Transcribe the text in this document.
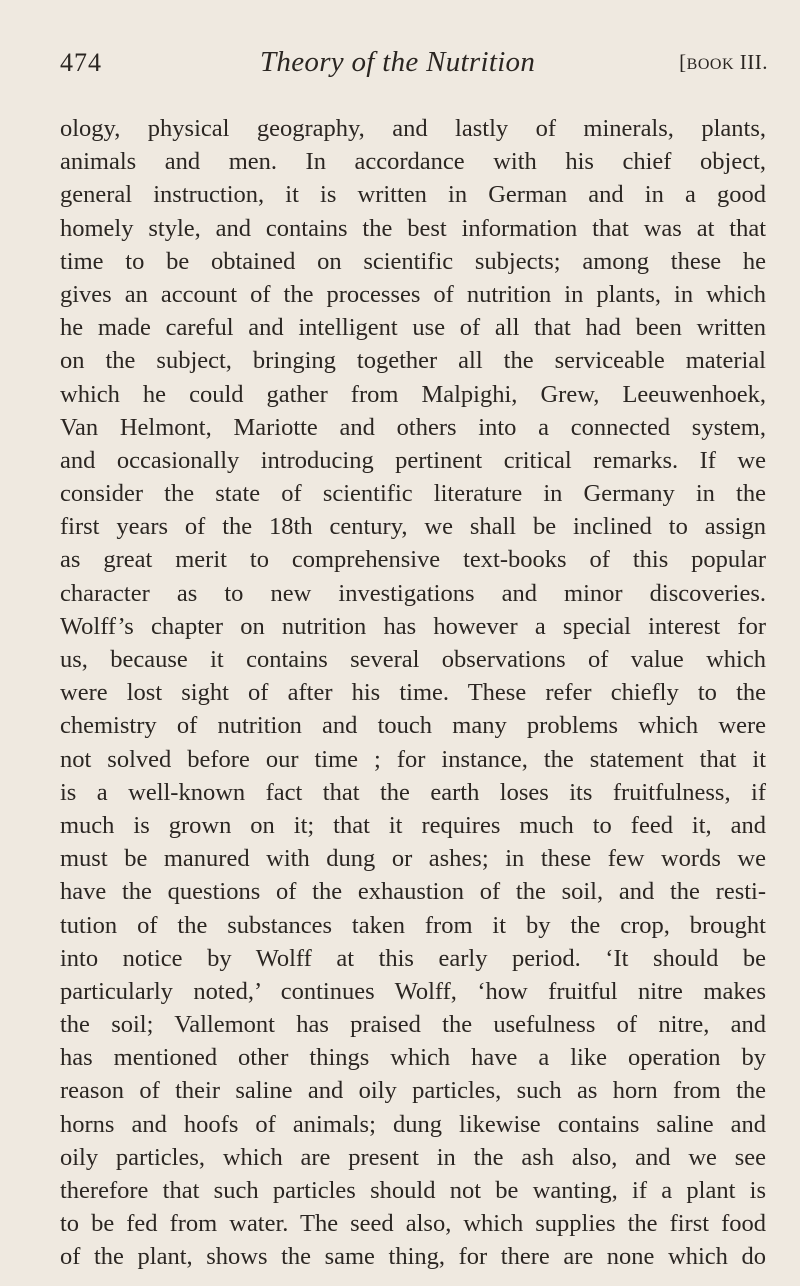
474	Theory of the Nutrition	[BOOK III.
ology, physical geography, and lastly of minerals, plants,
animals and men. In accordance with his chief object,
general instruction, it is written in German and in a good
homely style, and contains the best information that was at that
time to be obtained on scientific subjects; among these he
gives an account of the processes of nutrition in plants, in which
he made careful and intelligent use of all that had been written
on the subject, bringing together all the serviceable material
which he could gather from Malpighi, Grew, Leeuwenhoek,
Van Helmont, Mariotte and others into a connected system,
and occasionally introducing pertinent critical remarks. If we
consider the state of scientific literature in Germany in the
first years of the 18th century, we shall be inclined to assign
as great merit to comprehensive text-books of this popular
character as to new investigations and minor discoveries.
Wolff’s chapter on nutrition has however a special interest for
us, because it contains several observations of value which
were lost sight of after his time. These refer chiefly to the
chemistry of nutrition and touch many problems which were
not solved before our time ; for instance, the statement that it
is a well-known fact that the earth loses its fruitfulness, if
much is grown on it; that it requires much to feed it, and
must be manured with dung or ashes; in these few words we
have the questions of the exhaustion of the soil, and the resti-
tution of the substances taken from it by the crop, brought
into notice by Wolff at this early period. ‘It should be
particularly noted,’ continues Wolff, ‘how fruitful nitre makes
the soil; Vallemont has praised the usefulness of nitre, and
has mentioned other things which have a like operation by
reason of their saline and oily particles, such as horn from the
horns and hoofs of animals; dung likewise contains saline and
oily particles, which are present in the ash also, and we see
therefore that such particles should not be wanting, if a plant is
to be fed from water. The seed also, which supplies the first food
of the plant, shows the same thing, for there are none which do
